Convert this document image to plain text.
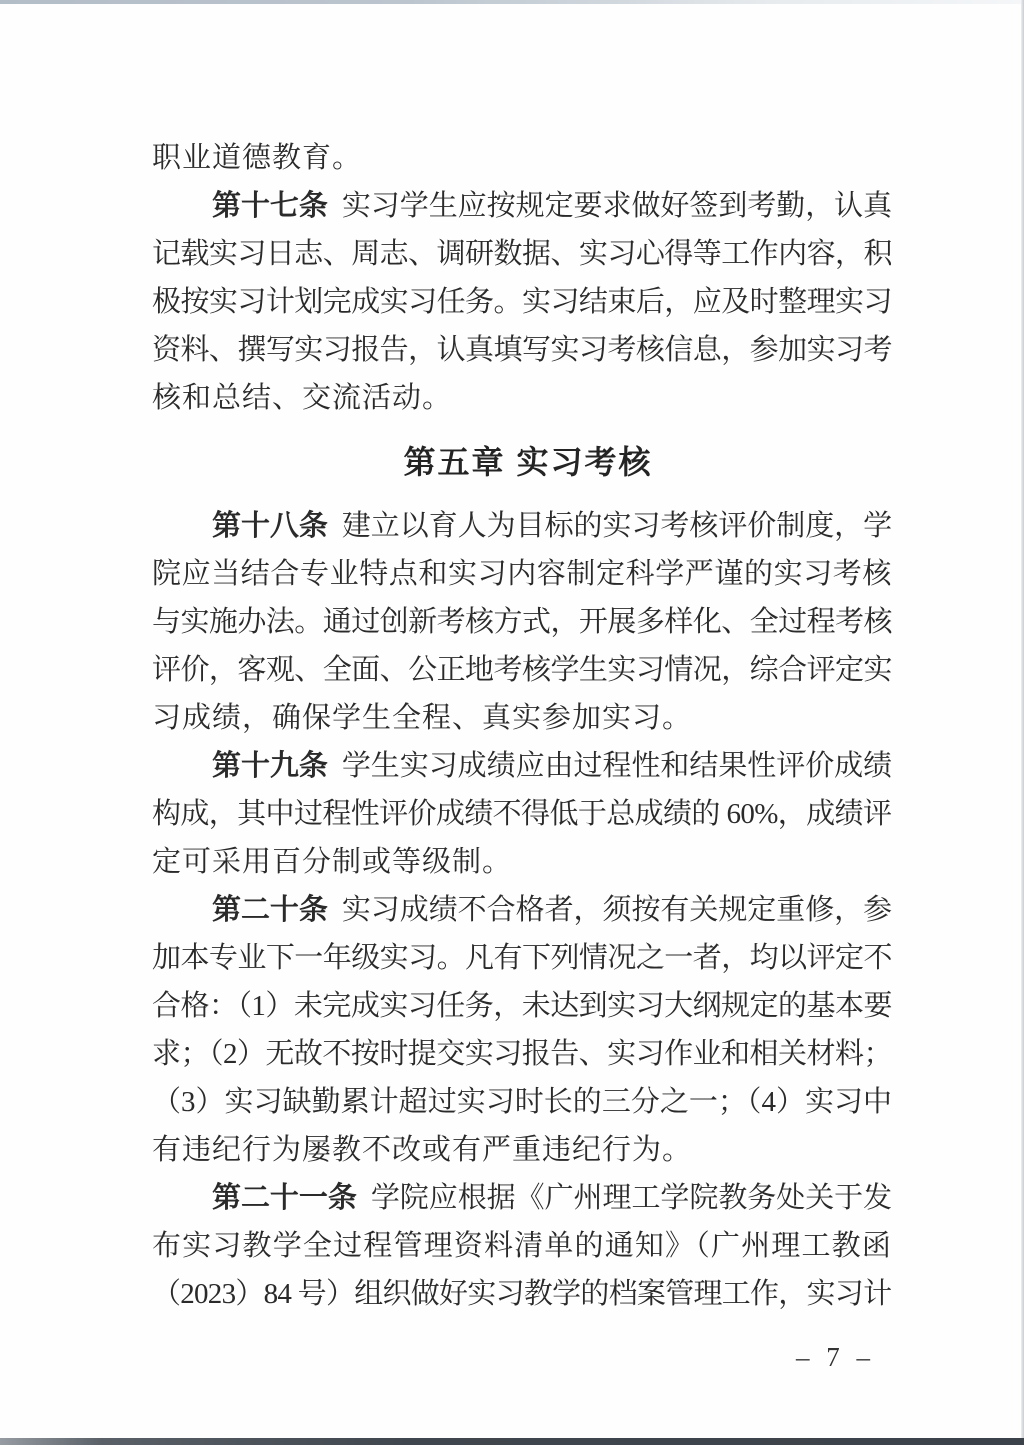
职业道德教育。
第十七条 实习学生应按规定要求做好签到考勤，认真
记载实习日志、周志、调研数据、实习心得等工作内容，积
极按实习计划完成实习任务。实习结束后，应及时整理实习
资料、撰写实习报告，认真填写实习考核信息，参加实习考
核和总结、交流活动。
第五章 实习考核
第十八条 建立以育人为目标的实习考核评价制度，学
院应当结合专业特点和实习内容制定科学严谨的实习考核
与实施办法。通过创新考核方式，开展多样化、全过程考核
评价，客观、全面、公正地考核学生实习情况，综合评定实
习成绩，确保学生全程、真实参加实习。
第十九条 学生实习成绩应由过程性和结果性评价成绩
构成，其中过程性评价成绩不得低于总成绩的 60%，成绩评
定可采用百分制或等级制。
第二十条 实习成绩不合格者，须按有关规定重修，参
加本专业下一年级实习。凡有下列情况之一者，均以评定不
合格：（1）未完成实习任务，未达到实习大纲规定的基本要
求；（2）无故不按时提交实习报告、实习作业和相关材料；
（3）实习缺勤累计超过实习时长的三分之一；（4）实习中
有违纪行为屡教不改或有严重违纪行为。
第二十一条 学院应根据《广州理工学院教务处关于发
布实习教学全过程管理资料清单的通知》（广州理工教函
（2023）84 号）组织做好实习教学的档案管理工作，实习计
– 7 –
